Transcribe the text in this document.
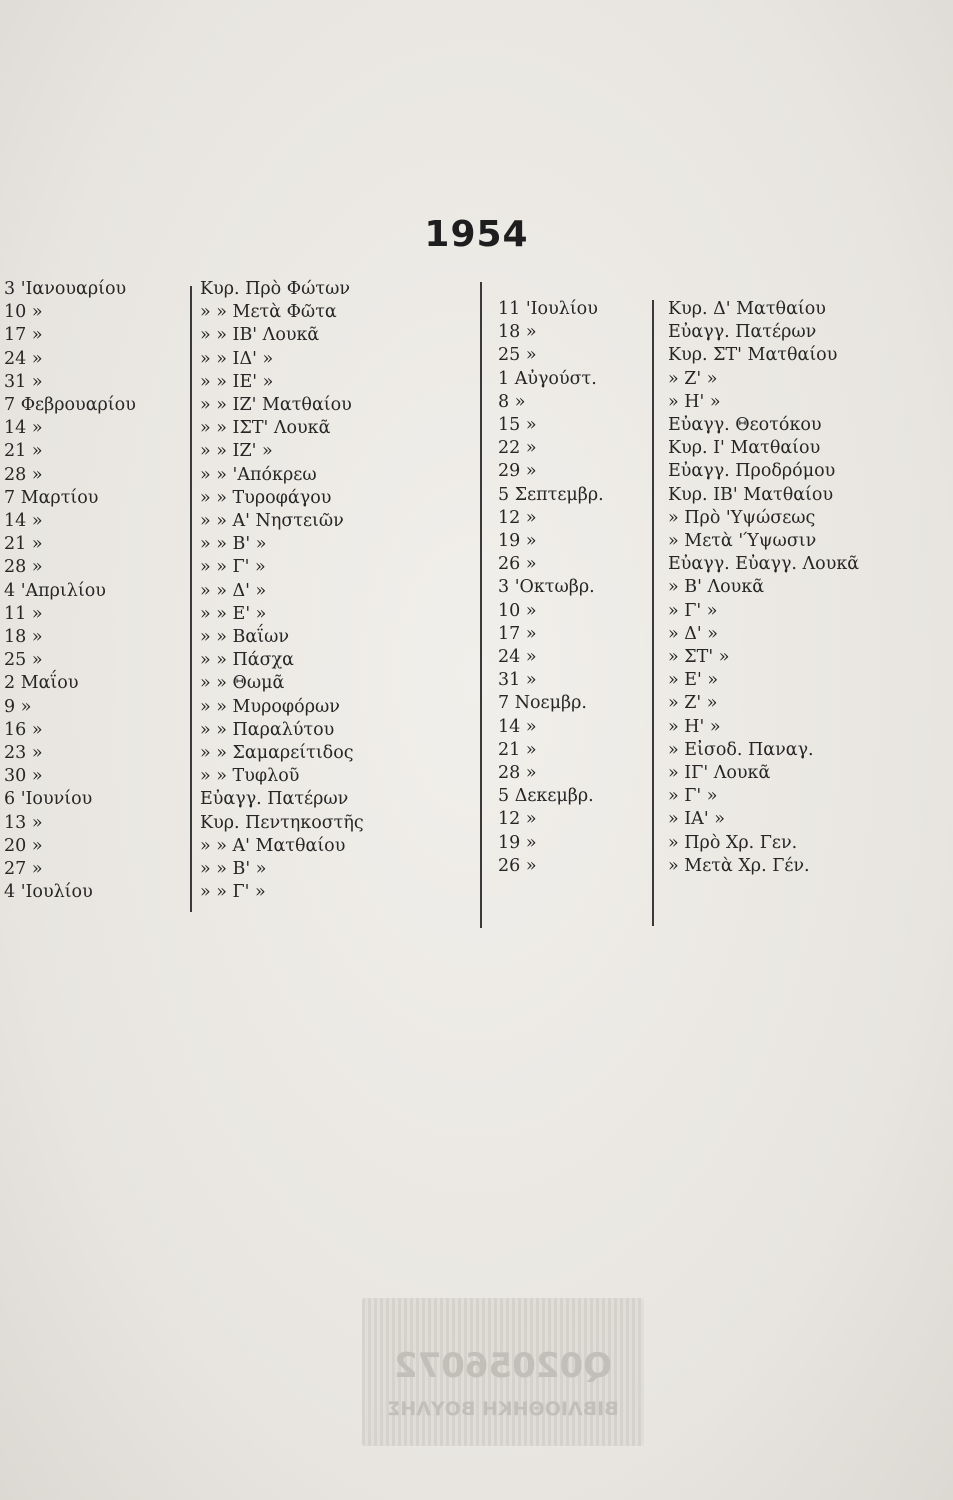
1954
3 'Ιανουαρίου	Κυρ. Πρὸ Φώτων
10 »	» » Μετὰ Φῶτα
17 »	» » ΙΒ' Λουκᾶ
24 »	» » ΙΔ' »
31 »	» » ΙΕ' »
7 Φεβρουαρίου	» » ΙΖ' Ματθαίου
14 »	» » ΙΣΤ' Λουκᾶ
21 »	» » ΙΖ' »
28 »	» » 'Απόκρεω
7 Μαρτίου	» » Τυροφάγου
14 »	» » Α' Νηστειῶν
21 »	» » Β' »
28 »	» » Γ' »
4 'Απριλίου	» » Δ' »
11 »	» » Ε' »
18 »	» » Βαΐων
25 »	» » Πάσχα
2 Μαΐου	» » Θωμᾶ
9 »	» » Μυροφόρων
16 »	» » Παραλύτου
23 »	» » Σαμαρείτιδος
30 »	» » Τυφλοῦ
6 'Ιουνίου	Εὐαγγ. Πατέρων
13 »	Κυρ. Πεντηκοστῆς
20 »	» » Α' Ματθαίου
27 »	» » Β' »
4 'Ιουλίου	» » Γ' »
11 'Ιουλίου	Κυρ. Δ' Ματθαίου
18 »	Εὐαγγ. Πατέρων
25 »	Κυρ. ΣΤ' Ματθαίου
1 Αὐγούστ.	» Ζ' »
8 »	» Η' »
15 »	Εὐαγγ. Θεοτόκου
22 »	Κυρ. Ι' Ματθαίου
29 »	Εὐαγγ. Προδρόμου
5 Σεπτεμβρ.	Κυρ. ΙΒ' Ματθαίου
12 »	» Πρὸ 'Υψώσεως
19 »	» Μετὰ 'Ύψωσιν
26 »	Εὐαγγ. Εὐαγγ. Λουκᾶ
3 'Οκτωβρ.	» Β' Λουκᾶ
10 »	» Γ' »
17 »	» Δ' »
24 »	» ΣΤ' »
31 »	» Ε' »
7 Νοεμβρ.	» Ζ' »
14 »	» Η' »
21 »	» Εἰσοδ. Παναγ.
28 »	» ΙΓ' Λουκᾶ
5 Δεκεμβρ.	» Γ' »
12 »	» ΙΑ' »
19 »	» Πρὸ Χρ. Γεν.
26 »	» Μετὰ Χρ. Γέν.
Q02056072
ΒΙΒΛΙΟΘΗΚΗ ΒΟΥΛΗΣ
